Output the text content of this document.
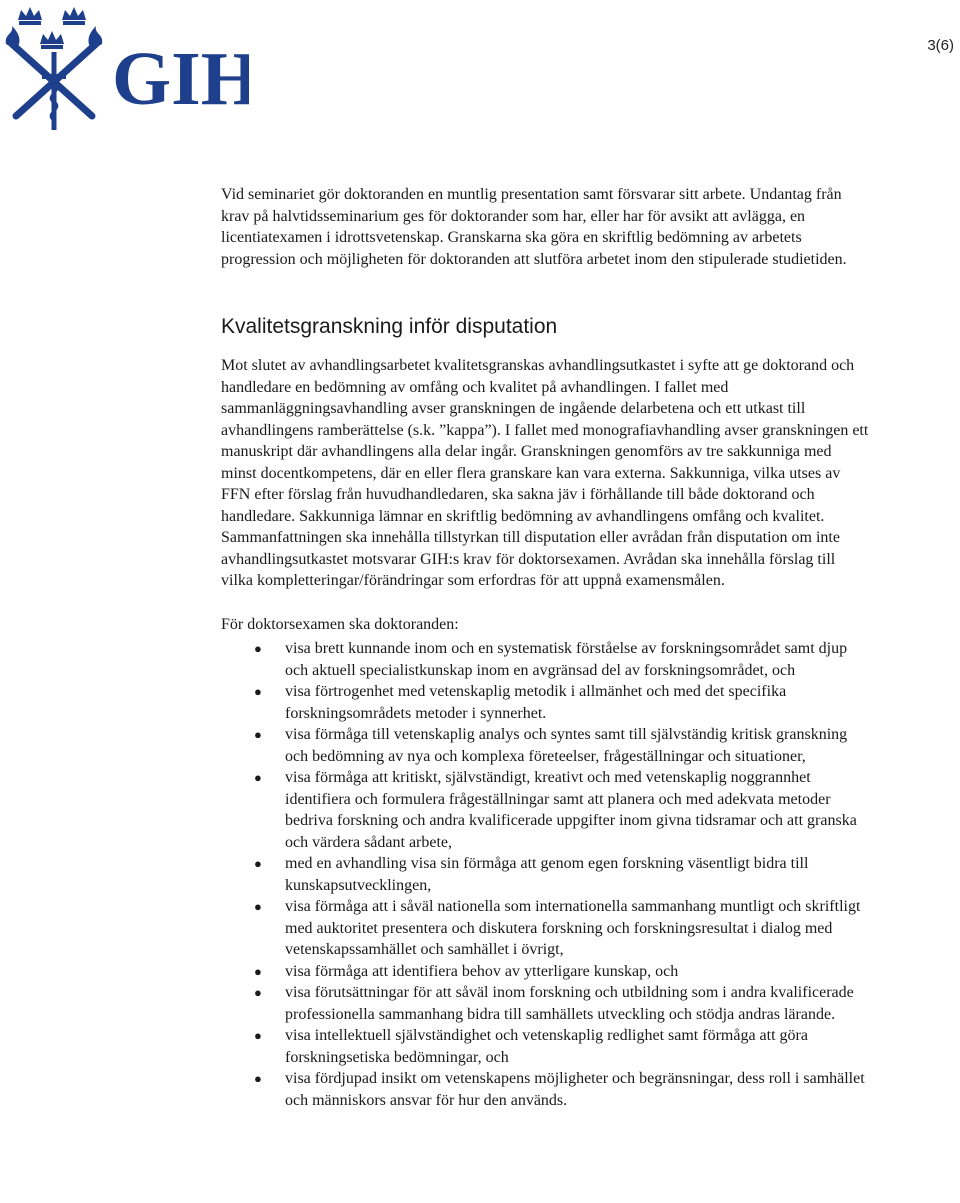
GIH	3(6)

Vid seminariet gör doktoranden en muntlig presentation samt försvarar sitt arbete. Undantag från krav på halvtidsseminarium ges för doktorander som har, eller har för avsikt att avlägga, en licentiatexamen i idrottsvetenskap. Granskarna ska göra en skriftlig bedömning av arbetets progression och möjligheten för doktoranden att slutföra arbetet inom den stipulerade studietiden.

Kvalitetsgranskning inför disputation

Mot slutet av avhandlingsarbetet kvalitetsgranskas avhandlingsutkastet i syfte att ge doktorand och handledare en bedömning av omfång och kvalitet på avhandlingen. I fallet med sammanläggningsavhandling avser granskningen de ingående delarbetena och ett utkast till avhandlingens ramberättelse (s.k. ”kappa”). I fallet med monografiavhandling avser granskningen ett manuskript där avhandlingens alla delar ingår. Granskningen genomförs av tre sakkunniga med minst docentkompetens, där en eller flera granskare kan vara externa. Sakkunniga, vilka utses av FFN efter förslag från huvudhandledaren, ska sakna jäv i förhållande till både doktorand och handledare. Sakkunniga lämnar en skriftlig bedömning av avhandlingens omfång och kvalitet. Sammanfattningen ska innehålla tillstyrkan till disputation eller avrådan från disputation om inte avhandlingsutkastet motsvarar GIH:s krav för doktorsexamen. Avrådan ska innehålla förslag till vilka kompletteringar/förändringar som erfordras för att uppnå examensmålen.

För doktorsexamen ska doktoranden:

● visa brett kunnande inom och en systematisk förståelse av forskningsområdet samt djup och aktuell specialistkunskap inom en avgränsad del av forskningsområdet, och
● visa förtrogenhet med vetenskaplig metodik i allmänhet och med det specifika forskningsområdets metoder i synnerhet.
● visa förmåga till vetenskaplig analys och syntes samt till självständig kritisk granskning och bedömning av nya och komplexa företeelser, frågeställningar och situationer,
● visa förmåga att kritiskt, självständigt, kreativt och med vetenskaplig noggrannhet identifiera och formulera frågeställningar samt att planera och med adekvata metoder bedriva forskning och andra kvalificerade uppgifter inom givna tidsramar och att granska och värdera sådant arbete,
● med en avhandling visa sin förmåga att genom egen forskning väsentligt bidra till kunskapsutvecklingen,
● visa förmåga att i såväl nationella som internationella sammanhang muntligt och skriftligt med auktoritet presentera och diskutera forskning och forskningsresultat i dialog med vetenskapssamhället och samhället i övrigt,
● visa förmåga att identifiera behov av ytterligare kunskap, och
● visa förutsättningar för att såväl inom forskning och utbildning som i andra kvalificerade professionella sammanhang bidra till samhällets utveckling och stödja andras lärande.
● visa intellektuell självständighet och vetenskaplig redlighet samt förmåga att göra forskningsetiska bedömningar, och
● visa fördjupad insikt om vetenskapens möjligheter och begränsningar, dess roll i samhället och människors ansvar för hur den används.
